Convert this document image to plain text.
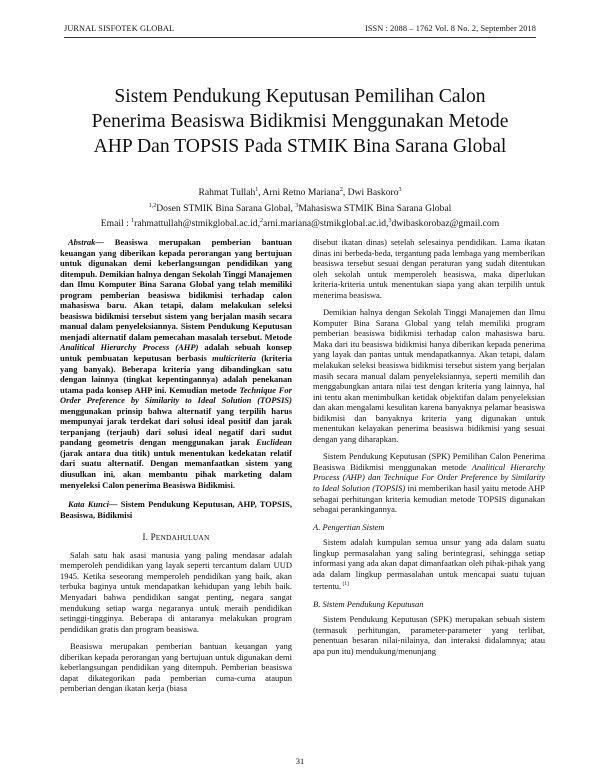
JURNAL SISFOTEK GLOBAL	ISSN : 2088 – 1762 Vol. 8 No. 2, September 2018
Sistem Pendukung Keputusan Pemilihan Calon
Penerima Beasiswa Bidikmisi Menggunakan Metode
AHP Dan TOPSIS Pada STMIK Bina Sarana Global
Rahmat Tullah$^1$, Arni Retno Mariana$^2$, Dwi Baskoro$^3$
$^{1,2}$Dosen STMIK Bina Sarana Global, $^3$Mahasiswa STMIK Bina Sarana Global
Email : $^1$rahmattullah@stmikglobal.ac.id,$^2$arni.mariana@stmikglobal.ac.id,$^3$dwibaskorobaz@gmail.com

Abstrak— Beasiswa merupakan pemberian bantuan keuangan yang diberikan kepada perorangan yang bertujuan untuk digunakan demi keberlangsungan pendidikan yang ditempuh. Demikian halnya dengan Sekolah Tinggi Manajemen dan Ilmu Komputer Bina Sarana Global yang telah memiliki program pemberian beasiswa bidikmisi terhadap calon mahasiswa baru. Akan tetapi, dalam melakukan seleksi beasiswa bidikmisi tersebut sistem yang berjalan masih secara manual dalam penyeleksiannya. Sistem Pendukung Keputusan menjadi alternatif dalam pemecahan masalah tersebut. Metode Analitical Hierarchy Process (AHP) adalah sebuah konsep untuk pembuatan keputusan berbasis multicriteria (kriteria yang banyak). Beberapa kriteria yang dibandingkan satu dengan lainnya (tingkat kepentingannya) adalah penekanan utama pada konsep AHP ini. Kemudian metode Technique For Order Preference by Similarity to Ideal Solution (TOPSIS) menggunakan prinsip bahwa alternatif yang terpilih harus mempunyai jarak terdekat dari solusi ideal positif dan jarak terpanjang (terjauh) dari solusi ideal negatif dari sudut pandang geometris dengan menggunakan jarak Euclidean (jarak antara dua titik) untuk menentukan kedekatan relatif dari suatu alternatif. Dengan memanfaatkan sistem yang diusulkan ini, akan membantu pihak marketing dalam menyeleksi Calon penerima Beasiswa Bidikmisi.

Kata Kunci— Sistem Pendukung Keputusan, AHP, TOPSIS, Beasiswa, Bidikmisi

I. PENDAHULUAN

Salah satu hak asasi manusia yang paling mendasar adalah memperoleh pendidikan yang layak seperti tercantum dalam UUD 1945. Ketika seseorang memperoleh pendidikan yang baik, akan terbuka baginya untuk mendapatkan kehidupan yang lebih baik. Menyadari bahwa pendidikan sangat penting, negara sangat mendukung setiap warga negaranya untuk meraih pendidikan setinggi-tingginya. Beberapa di antaranya melakukan program pendidikan gratis dan program beasiswa.

Beasiswa merupakan pemberian bantuan keuangan yang diberikan kepada perorangan yang bertujuan untuk digunakan demi keberlangsungan pendidikan yang ditempuh. Pemberian beasiswa dapat dikategorikan pada pemberian cuma-cuma ataupun pemberian dengan ikatan kerja (biasa

disebut ikatan dinas) setelah selesainya pendidikan. Lama ikatan dinas ini berbeda-beda, tergantung pada lembaga yang memberikan beasiswa tersebut sesuai dengan peraturan yang sudah ditentukan oleh sekolah untuk memperoleh beasiswa, maka diperlukan kriteria-kriteria untuk menentukan siapa yang akan terpilih untuk menerima beasiswa.

Demikian halnya dengan Sekolah Tinggi Manajemen dan Ilmu Komputer Bina Sarana Global yang telah memiliki program pemberian beasiswa bidikmisi terhadap calon mahasiswa baru. Maka dari itu beasiswa bidikmisi hanya diberikan kepada penerima yang layak dan pantas untuk mendapatkannya. Akan tetapi, dalam melakukan seleksi beasiswa bidikmisi tersebut sistem yang berjalan masih secara manual dalam penyeleksiannya, seperti memilih dan menggabungkan antara nilai test dengan kriteria yang lainnya, hal ini tentu akan menimbulkan ketidak objektifan dalam penyeleksian dan akan mengalami kesulitan karena banyaknya pelamar beasiswa bidikmisi dan banyaknya kriteria yang digunakan untuk menentukan kelayakan penerima beasiswa bidikmisi yang sesuai dengan yang diharapkan.

Sistem Pendukung Keputusan (SPK) Pemilihan Calon Penerima Beasiswa Bidikmisi menggunakan metode Analitical Hierarchy Process (AHP) dan Technique For Order Preference by Similarity to Ideal Solution (TOPSIS) ini memberikan hasil yaitu metode AHP sebagai perhitungan kriteria kemudian metode TOPSIS digunakan sebagai perankingannya.

A. Pengertian Sistem

Sistem adalah kumpulan semua unsur yang ada dalam suatu lingkup permasalahan yang saling berintegrasi, sehingga setiap informasi yang ada akan dapat dimanfaatkan oleh pihak-pihak yang ada dalam lingkup permasalahan untuk mencapai suatu tujuan tertentu. [1]

B. Sistem Pendukung Keputusan

Sistem Pendukung Keputusan (SPK) merupakan sebuah sistem (termasuk perhitungan, parameter-parameter yang terlibat, penentuan besaran nilai-nilainya, dan interaksi didalamnya; atau apa pun itu) mendukung/menunjang

31
